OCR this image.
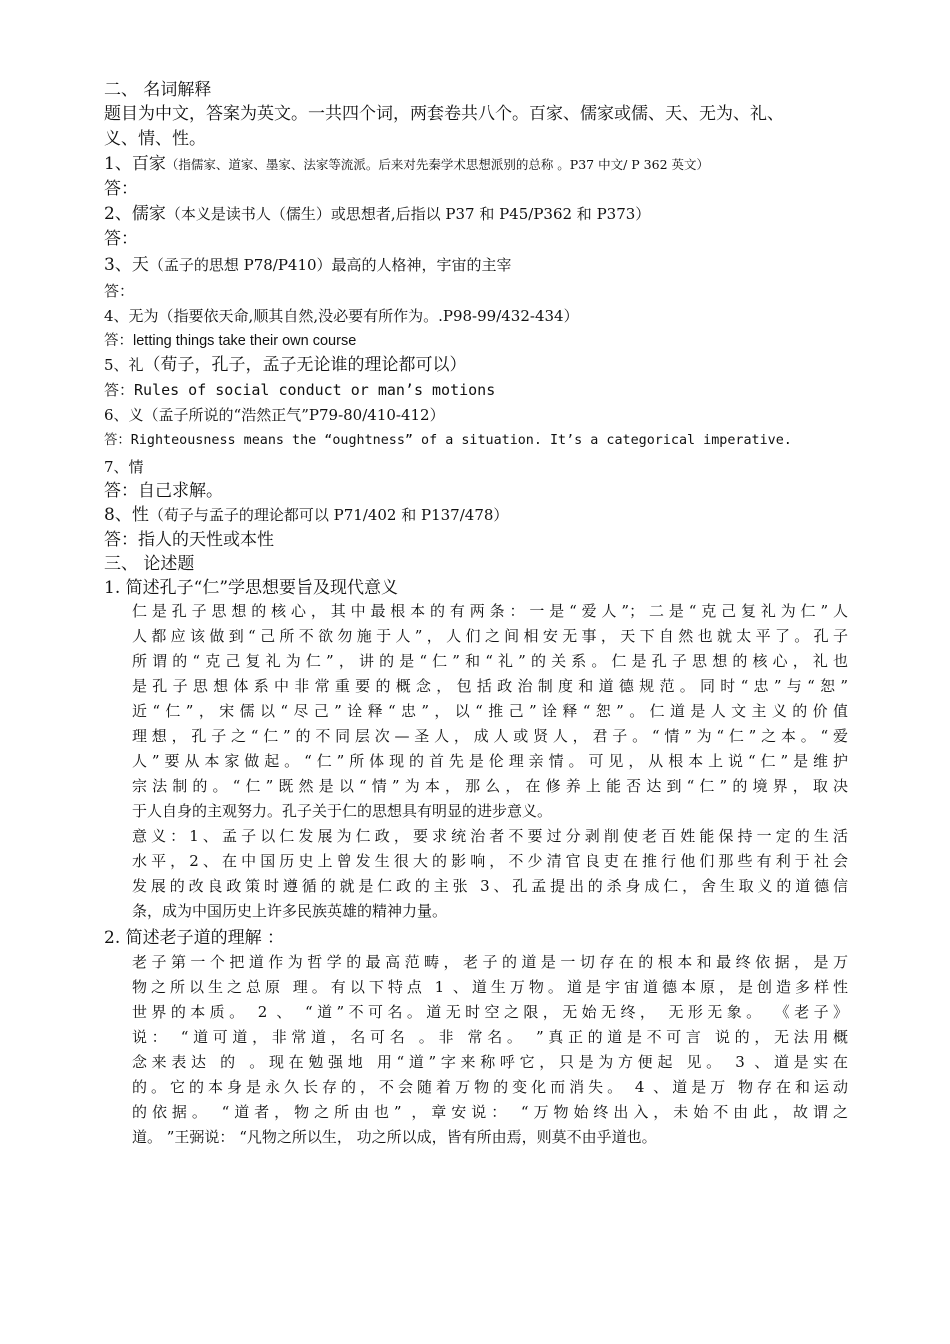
二、 名词解释
题目为中文，答案为英文。一共四个词，两套卷共八个。百家、儒家或儒、天、无为、礼、
义、情、性。
1、百家（指儒家、道家、墨家、法家等流派。后来对先秦学术思想派别的总称 。P37 中文/ P 362 英文）
答：
2、儒家（本义是读书人（儒生）或思想者,后指以 P37 和 P45/P362 和 P373）
答：
3、天（孟子的思想 P78/P410）最高的人格神，宇宙的主宰
答：
4、无为（指要依天命,顺其自然,没必要有所作为。.P98-99/432-434）
答：letting things take their own course
5、礼（荀子，孔子，孟子无论谁的理论都可以）
答：Rules of social conduct or man’s motions
6、义（孟子所说的“浩然正气”P79-80/410-412）
答：Righteousness means the “oughtness” of a situation. It’s a categorical imperative.
7、情
答：自己求解。
8、性（荀子与孟子的理论都可以 P71/402 和 P137/478）
答：指人的天性或本性
三、 论述题
1. 简述孔子“仁”学思想要旨及现代意义
仁是孔子思想的核心，其中最根本的有两条：一是“爱人”；二是“克己复礼为仁”人
人都应该做到“己所不欲勿施于人”，人们之间相安无事，天下自然也就太平了。孔子
所谓的“克己复礼为仁”，讲的是“仁”和“礼”的关系。仁是孔子思想的核心，礼也
是孔子思想体系中非常重要的概念，包括政治制度和道德规范。同时“忠”与“恕”
近“仁”，宋儒以“尽己”诠释“忠”，以“推己”诠释“恕”。仁道是人文主义的价值
理想，孔子之“仁”的不同层次—圣人，成人或贤人，君子。“情”为“仁”之本。“爱
人”要从本家做起。“仁”所体现的首先是伦理亲情。可见，从根本上说“仁”是维护
宗法制的。“仁”既然是以“情”为本，那么，在修养上能否达到“仁”的境界，取决
于人自身的主观努力。孔子关于仁的思想具有明显的进步意义。
意义：1、孟子以仁发展为仁政，要求统治者不要过分剥削使老百姓能保持一定的生活
水平，2、在中国历史上曾发生很大的影响，不少清官良吏在推行他们那些有利于社会
发展的改良政策时遵循的就是仁政的主张 3、孔孟提出的杀身成仁，舍生取义的道德信
条，成为中国历史上许多民族英雄的精神力量。
2. 简述老子道的理解 ：
老子第一个把道作为哲学的最高范畴，老子的道是一切存在的根本和最终依据，是万
物之所以生之总原 理。有以下特点 1 、道生万物。道是宇宙道德本原，是创造多样性
世界的本质。 2 、 “道”不可名。道无时空之限，无始无终， 无形无象。 《老子》
说： “道可道，非常道，名可名 。非 常名。 ”真正的道是不可言 说的，无法用概
念来表达 的 。现在勉强地 用“道”字来称呼它，只是为方便起 见。 3 、道是实在
的。它的本身是永久长存的，不会随着万物的变化而消失。 4 、道是万 物存在和运动
的依据。 “道者，物之所由也” ，章安说： “万物始终出入，未始不由此，故谓之
道。 ”王弼说： “凡物之所以生， 功之所以成，皆有所由焉，则莫不由乎道也。
